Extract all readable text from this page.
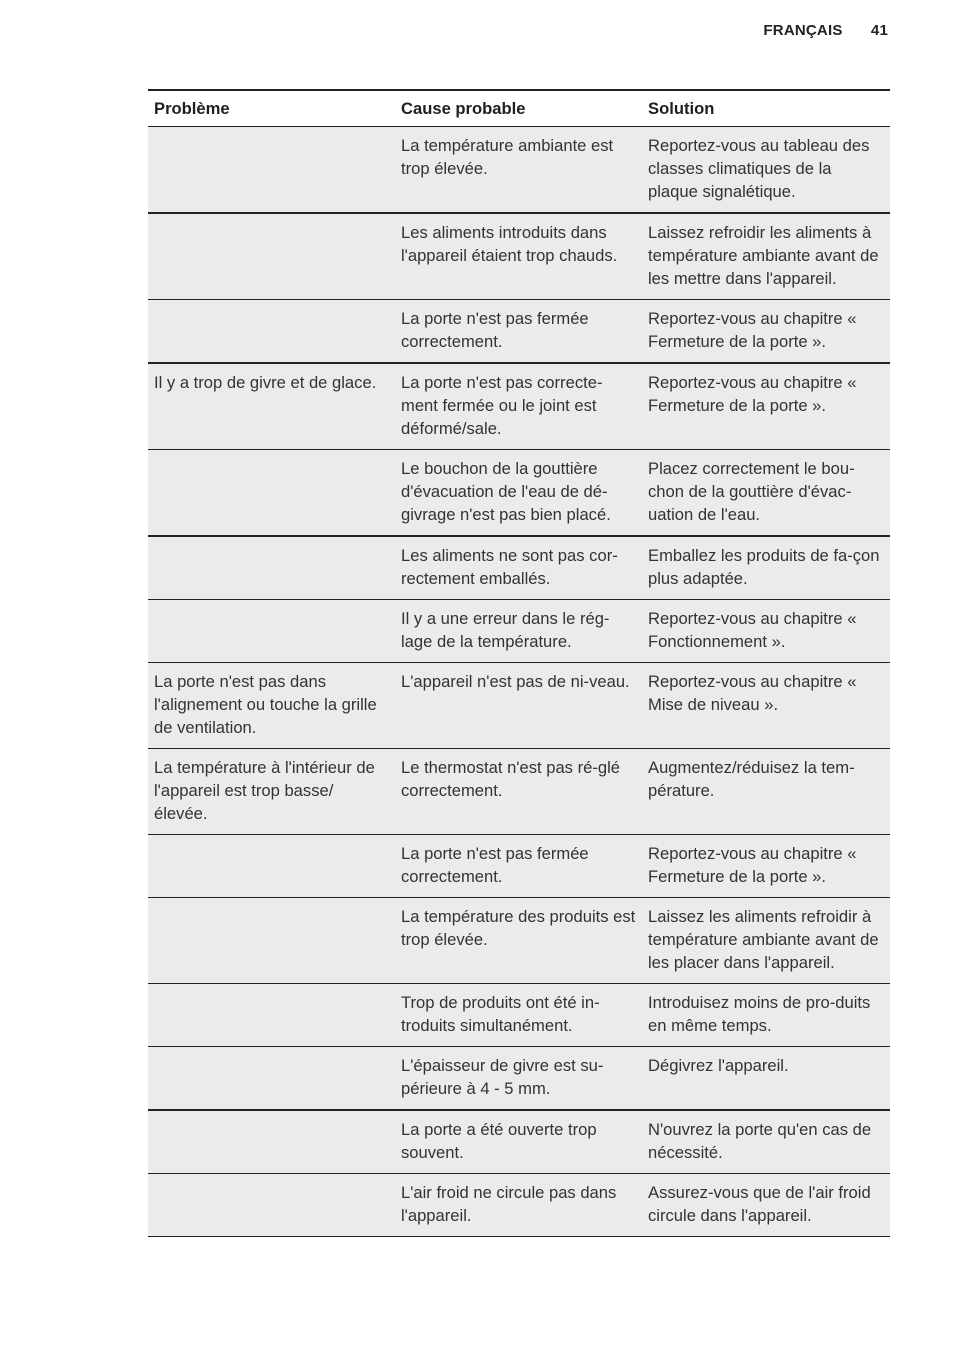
FRANÇAIS 41
Problème	Cause probable	Solution
	La température ambiante est trop élevée.	Reportez-vous au tableau des classes climatiques de la plaque signalétique.
	Les aliments introduits dans l'appareil étaient trop chauds.	Laissez refroidir les aliments à température ambiante avant de les mettre dans l'appareil.
	La porte n'est pas fermée correctement.	Reportez-vous au chapitre « Fermeture de la porte ».
Il y a trop de givre et de glace.	La porte n'est pas correcte-ment fermée ou le joint est déformé/sale.	Reportez-vous au chapitre « Fermeture de la porte ».
	Le bouchon de la gouttière d'évacuation de l'eau de dé-givrage n'est pas bien placé.	Placez correctement le bou-chon de la gouttière d'évac-uation de l'eau.
	Les aliments ne sont pas cor-rectement emballés.	Emballez les produits de fa-çon plus adaptée.
	Il y a une erreur dans le rég-lage de la température.	Reportez-vous au chapitre « Fonctionnement ».
La porte n'est pas dans l'alignement ou touche la grille de ventilation.	L'appareil n'est pas de ni-veau.	Reportez-vous au chapitre « Mise de niveau ».
La température à l'intérieur de l'appareil est trop basse/ élevée.	Le thermostat n'est pas ré-glé correctement.	Augmentez/réduisez la tem-pérature.
	La porte n'est pas fermée correctement.	Reportez-vous au chapitre « Fermeture de la porte ».
	La température des produits est trop élevée.	Laissez les aliments refroidir à température ambiante avant de les placer dans l'appareil.
	Trop de produits ont été in-troduits simultanément.	Introduisez moins de pro-duits en même temps.
	L'épaisseur de givre est su-périeure à 4 - 5 mm.	Dégivrez l'appareil.
	La porte a été ouverte trop souvent.	N'ouvrez la porte qu'en cas de nécessité.
	L'air froid ne circule pas dans l'appareil.	Assurez-vous que de l'air froid circule dans l'appareil.
